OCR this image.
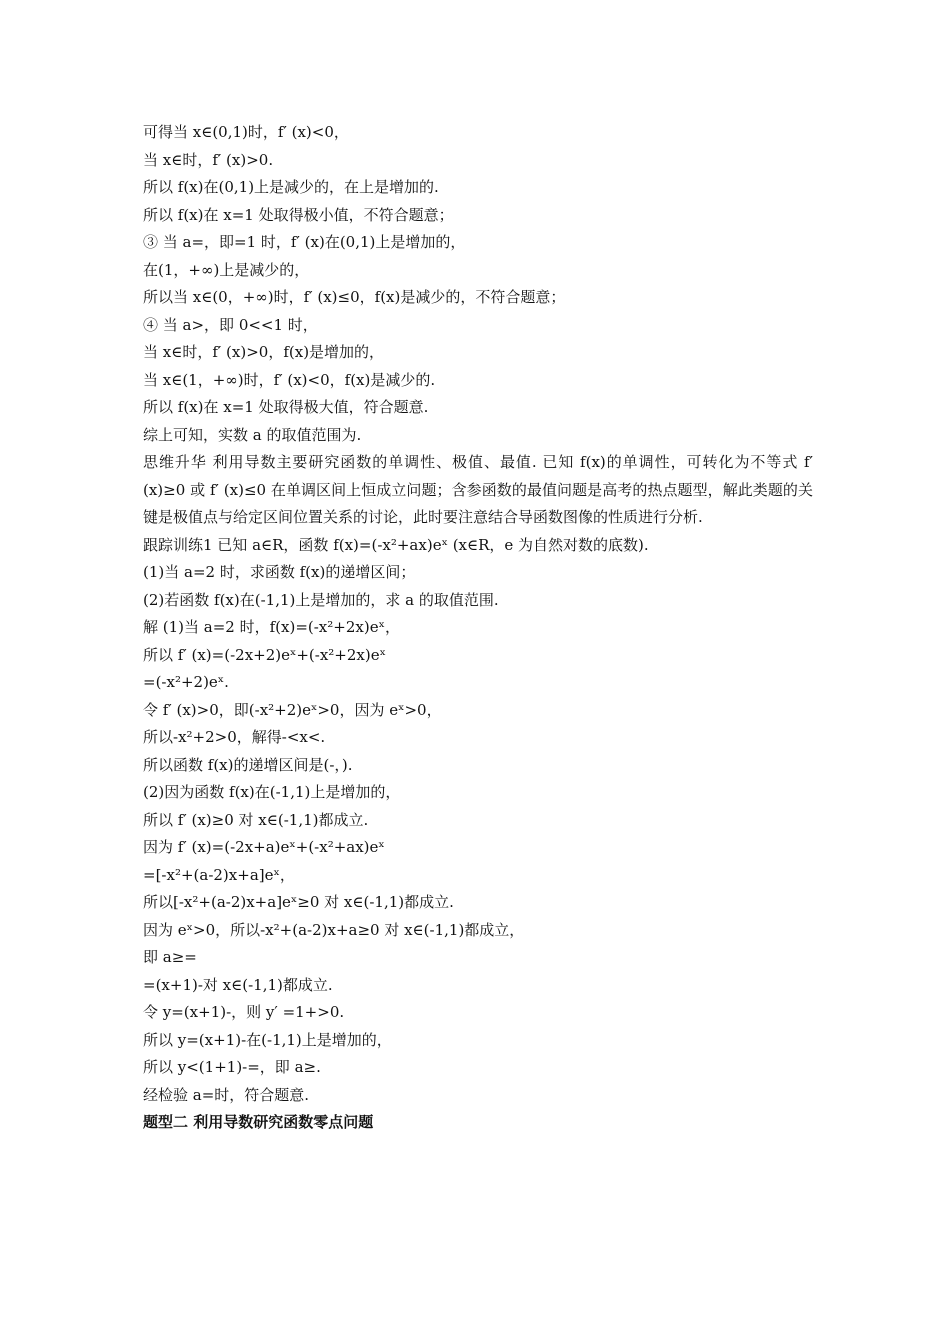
可得当 x∈(0,1)时，f′ (x)<0，
当 x∈时，f′ (x)>0.
所以 f(x)在(0,1)上是减少的，在上是增加的.
所以 f(x)在 x=1 处取得极小值，不符合题意；
③ 当 a=，即=1 时，f′ (x)在(0,1)上是增加的，
在(1，+∞)上是减少的，
所以当 x∈(0，+∞)时，f′ (x)≤0，f(x)是减少的，不符合题意；
④ 当 a>，即 0<<1 时，
当 x∈时，f′ (x)>0，f(x)是增加的，
当 x∈(1，+∞)时，f′ (x)<0，f(x)是减少的.
所以 f(x)在 x=1 处取得极大值，符合题意.
综上可知，实数 a 的取值范围为.
思维升华 利用导数主要研究函数的单调性、极值、最值. 已知 f(x)的单调性，可转化为不等式 f′ (x)≥0 或 f′ (x)≤0 在单调区间上恒成立问题；含参函数的最值问题是高考的热点题型，解此类题的关键是极值点与给定区间位置关系的讨论，此时要注意结合导函数图像的性质进行分析.
跟踪训练1 已知 a∈R，函数 f(x)=(-x²+ax)eˣ (x∈R，e 为自然对数的底数).
(1)当 a=2 时，求函数 f(x)的递增区间；
(2)若函数 f(x)在(-1,1)上是增加的，求 a 的取值范围.
解 (1)当 a=2 时，f(x)=(-x²+2x)eˣ，
所以 f′ (x)=(-2x+2)eˣ+(-x²+2x)eˣ
=(-x²+2)eˣ.
令 f′ (x)>0，即(-x²+2)eˣ>0，因为 eˣ>0，
所以-x²+2>0，解得-<x<.
所以函数 f(x)的递增区间是(-，).
(2)因为函数 f(x)在(-1,1)上是增加的，
所以 f′ (x)≥0 对 x∈(-1,1)都成立.
因为 f′ (x)=(-2x+a)eˣ+(-x²+ax)eˣ
=[-x²+(a-2)x+a]eˣ，
所以[-x²+(a-2)x+a]eˣ≥0 对 x∈(-1,1)都成立.
因为 eˣ>0，所以-x²+(a-2)x+a≥0 对 x∈(-1,1)都成立，
即 a≥=
=(x+1)-对 x∈(-1,1)都成立.
令 y=(x+1)-，则 y′ =1+>0.
所以 y=(x+1)-在(-1,1)上是增加的，
所以 y<(1+1)-=，即 a≥.
经检验 a=时，符合题意.
题型二 利用导数研究函数零点问题
